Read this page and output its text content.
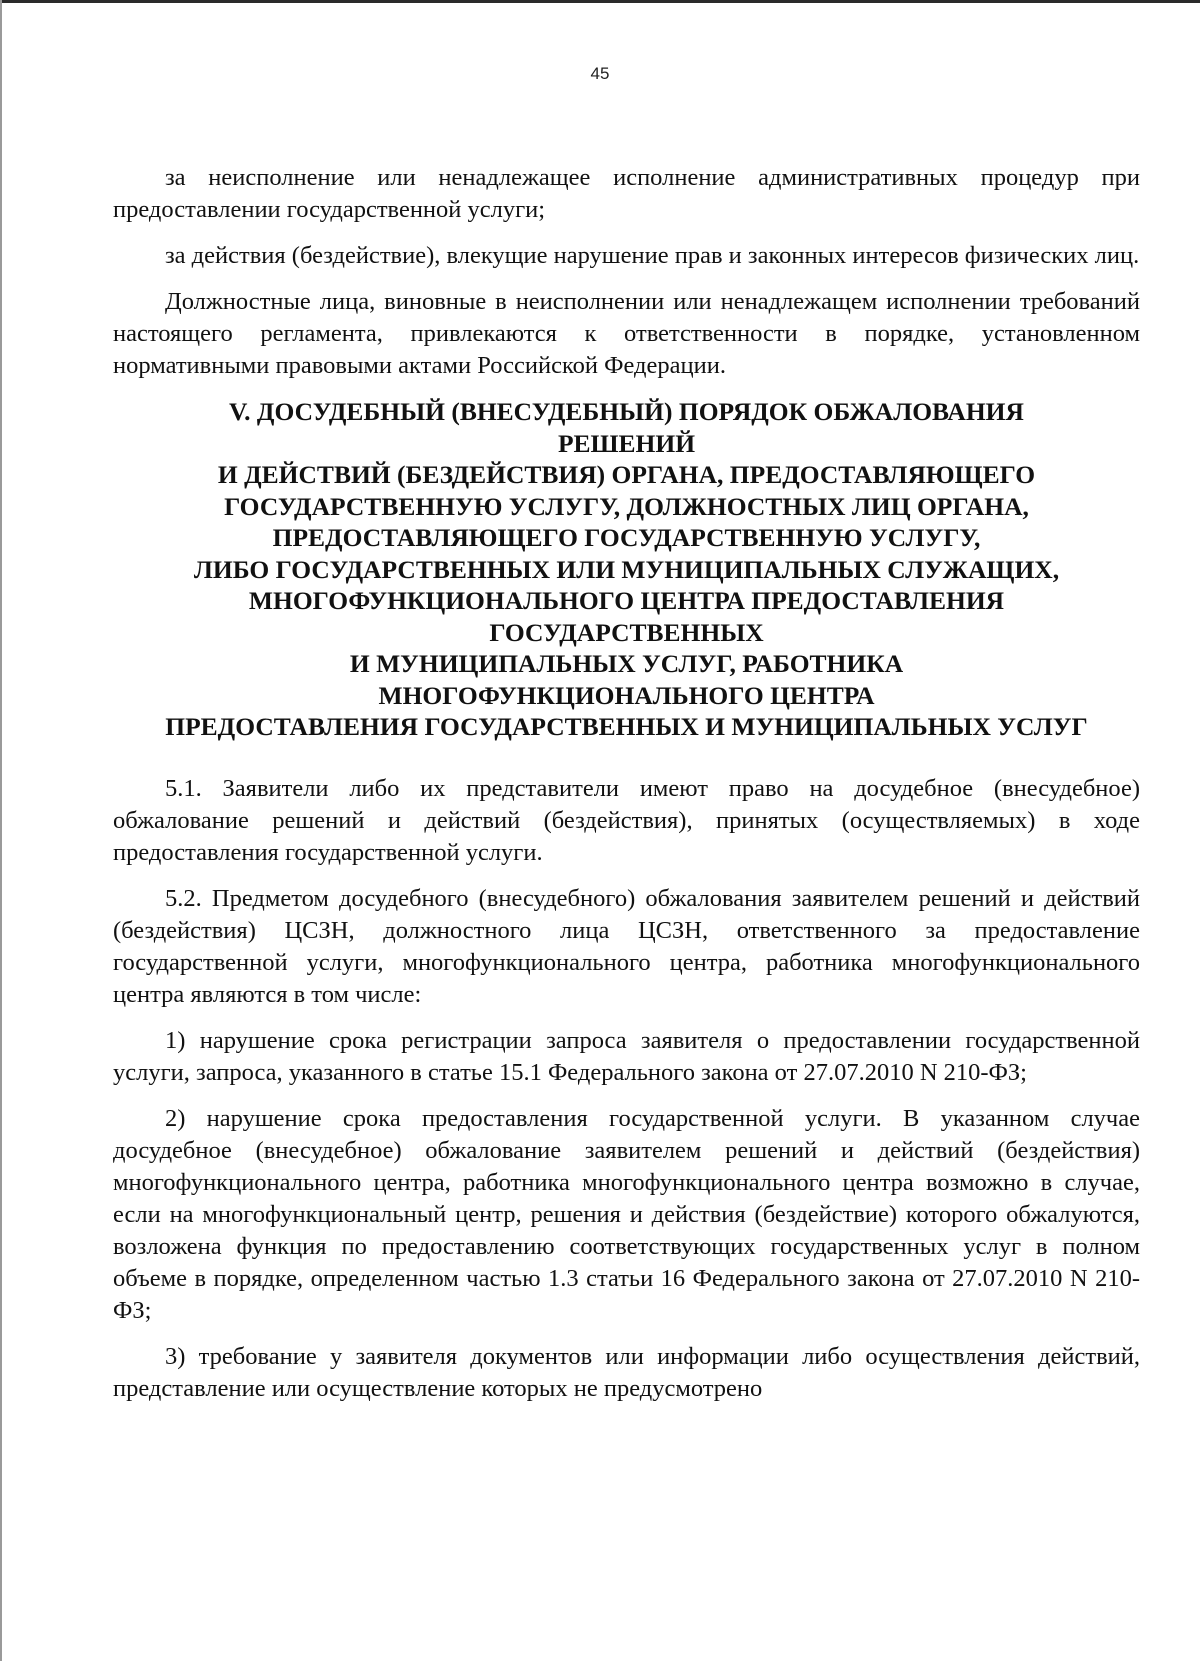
45

за неисполнение или ненадлежащее исполнение административных процедур при предоставлении государственной услуги;

за действия (бездействие), влекущие нарушение прав и законных интересов физических лиц.

Должностные лица, виновные в неисполнении или ненадлежащем исполнении требований настоящего регламента, привлекаются к ответственности в порядке, установленном нормативными правовыми актами Российской Федерации.

V. ДОСУДЕБНЫЙ (ВНЕСУДЕБНЫЙ) ПОРЯДОК ОБЖАЛОВАНИЯ
РЕШЕНИЙ
И ДЕЙСТВИЙ (БЕЗДЕЙСТВИЯ) ОРГАНА, ПРЕДОСТАВЛЯЮЩЕГО
ГОСУДАРСТВЕННУЮ УСЛУГУ, ДОЛЖНОСТНЫХ ЛИЦ ОРГАНА,
ПРЕДОСТАВЛЯЮЩЕГО ГОСУДАРСТВЕННУЮ УСЛУГУ,
ЛИБО ГОСУДАРСТВЕННЫХ ИЛИ МУНИЦИПАЛЬНЫХ СЛУЖАЩИХ,
МНОГОФУНКЦИОНАЛЬНОГО ЦЕНТРА ПРЕДОСТАВЛЕНИЯ
ГОСУДАРСТВЕННЫХ
И МУНИЦИПАЛЬНЫХ УСЛУГ, РАБОТНИКА
МНОГОФУНКЦИОНАЛЬНОГО ЦЕНТРА
ПРЕДОСТАВЛЕНИЯ ГОСУДАРСТВЕННЫХ И МУНИЦИПАЛЬНЫХ УСЛУГ

5.1. Заявители либо их представители имеют право на досудебное (внесудебное) обжалование решений и действий (бездействия), принятых (осуществляемых) в ходе предоставления государственной услуги.

5.2. Предметом досудебного (внесудебного) обжалования заявителем решений и действий (бездействия) ЦСЗН, должностного лица ЦСЗН, ответственного за предоставление государственной услуги, многофункционального центра, работника многофункционального центра являются в том числе:

1) нарушение срока регистрации запроса заявителя о предоставлении государственной услуги, запроса, указанного в статье 15.1 Федерального закона от 27.07.2010 N 210-ФЗ;

2) нарушение срока предоставления государственной услуги. В указанном случае досудебное (внесудебное) обжалование заявителем решений и действий (бездействия) многофункционального центра, работника многофункционального центра возможно в случае, если на многофункциональный центр, решения и действия (бездействие) которого обжалуются, возложена функция по предоставлению соответствующих государственных услуг в полном объеме в порядке, определенном частью 1.3 статьи 16 Федерального закона от 27.07.2010 N 210-ФЗ;

3) требование у заявителя документов или информации либо осуществления действий, представление или осуществление которых не предусмотрено
